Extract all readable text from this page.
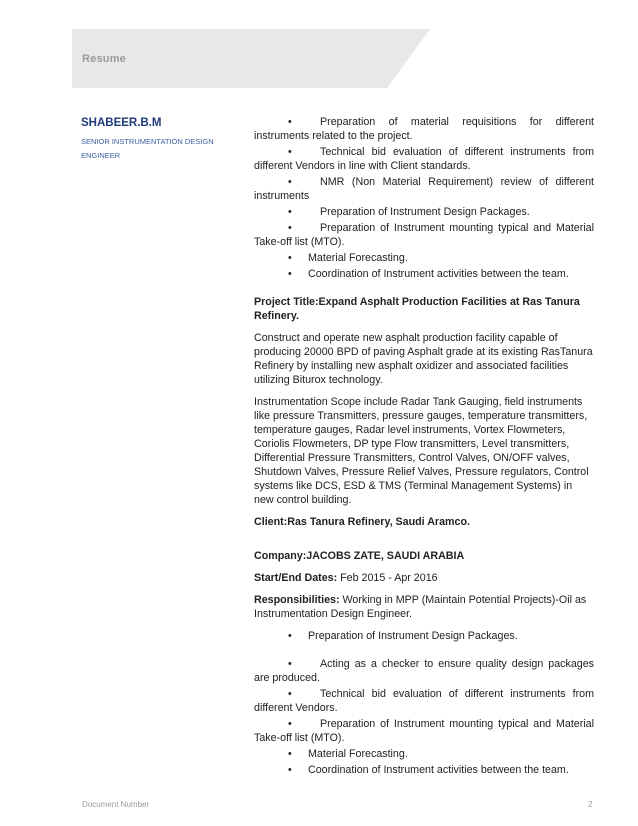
Resume
SHABEER.B.M
SENIOR INSTRUMENTATION DESIGN
ENGINEER
•Preparation of material requisitions for different instruments related to the project.
•Technical bid evaluation of different instruments from different Vendors in line with Client standards.
•NMR (Non Material Requirement) review of different instruments
•Preparation of Instrument Design Packages.
•Preparation of Instrument mounting typical and Material Take-off list (MTO).
•Material Forecasting.
•Coordination of Instrument activities between the team.
Project Title:Expand Asphalt Production Facilities at Ras Tanura Refinery.
Construct and operate new asphalt production facility capable of producing 20000 BPD of paving Asphalt grade at its existing RasTanura Refinery by installing new asphalt oxidizer and associated facilities utilizing Biturox technology.
Instrumentation Scope include Radar Tank Gauging, field instruments like pressure Transmitters, pressure gauges, temperature transmitters, temperature gauges, Radar level instruments, Vortex Flowmeters, Coriolis Flowmeters, DP type Flow transmitters, Level transmitters, Differential Pressure Transmitters, Control Valves, ON/OFF valves, Shutdown Valves, Pressure Relief Valves, Pressure regulators, Control systems like DCS, ESD & TMS (Terminal Management Systems) in new control building.
Client:Ras Tanura Refinery, Saudi Aramco.
Company:JACOBS ZATE, SAUDI ARABIA
Start/End Dates: Feb 2015 - Apr 2016
Responsibilities: Working in MPP (Maintain Potential Projects)-Oil as Instrumentation Design Engineer.
•Preparation of Instrument Design Packages.
•Acting as a checker to ensure quality design packages are produced.
•Technical bid evaluation of different instruments from different Vendors.
•Preparation of Instrument mounting typical and Material Take-off list (MTO).
•Material Forecasting.
•Coordination of Instrument activities between the team.
Document Number	2
